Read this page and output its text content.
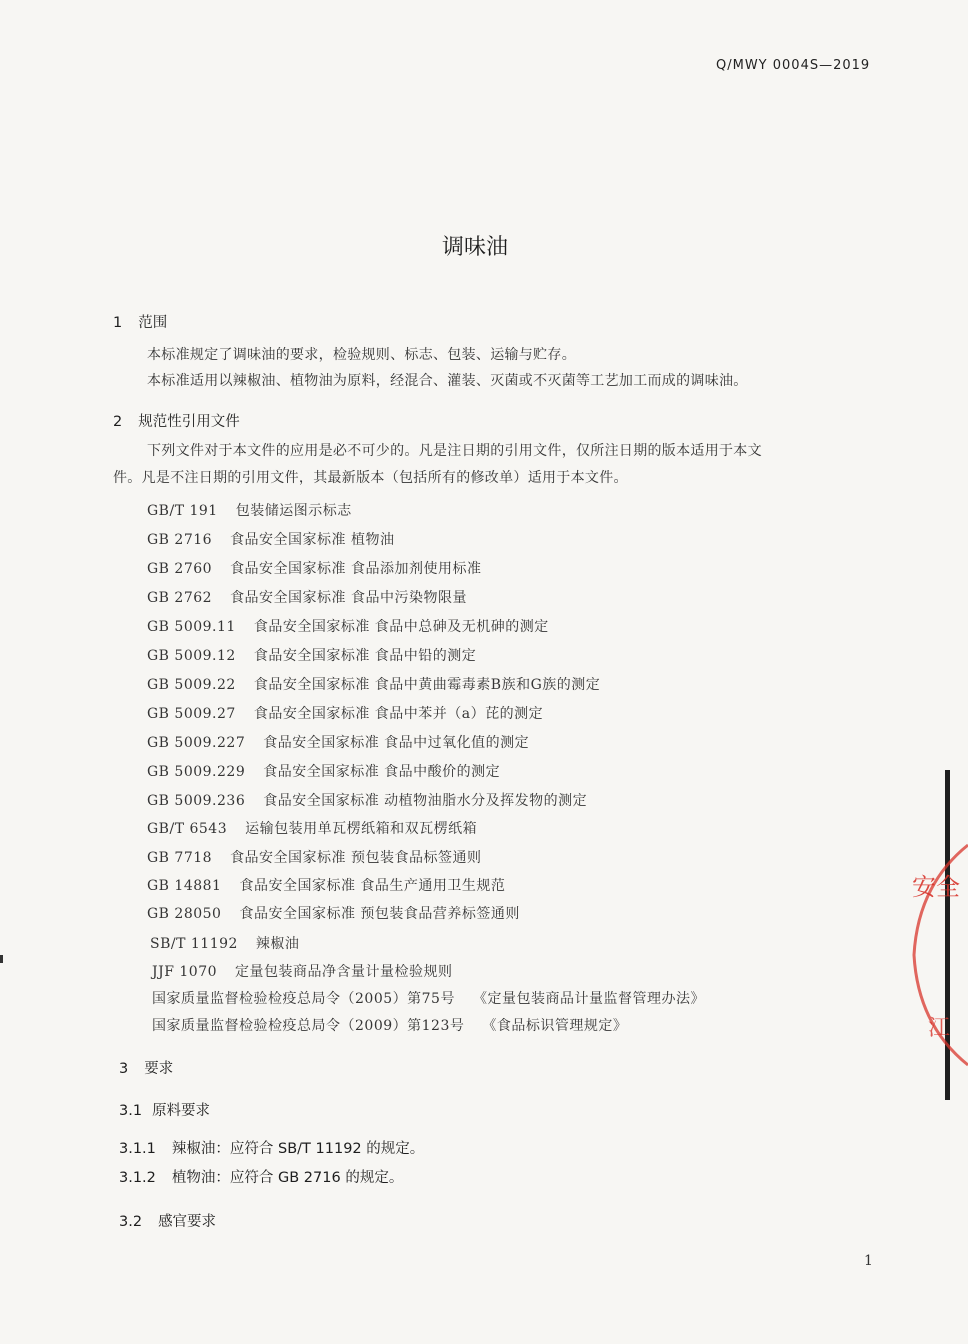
Q/MWY 0004S—2019
调味油
1 范围
本标准规定了调味油的要求，检验规则、标志、包装、运输与贮存。
本标准适用以辣椒油、植物油为原料，经混合、灌装、灭菌或不灭菌等工艺加工而成的调味油。
2 规范性引用文件
下列文件对于本文件的应用是必不可少的。凡是注日期的引用文件，仅所注日期的版本适用于本文
件。凡是不注日期的引用文件，其最新版本（包括所有的修改单）适用于本文件。
GB/T 191 包装储运图示标志
GB 2716 食品安全国家标准 植物油
GB 2760 食品安全国家标准 食品添加剂使用标准
GB 2762 食品安全国家标准 食品中污染物限量
GB 5009.11 食品安全国家标准 食品中总砷及无机砷的测定
GB 5009.12 食品安全国家标准 食品中铅的测定
GB 5009.22 食品安全国家标准 食品中黄曲霉毒素B族和G族的测定
GB 5009.27 食品安全国家标准 食品中苯并（a）芘的测定
GB 5009.227 食品安全国家标准 食品中过氧化值的测定
GB 5009.229 食品安全国家标准 食品中酸价的测定
GB 5009.236 食品安全国家标准 动植物油脂水分及挥发物的测定
GB/T 6543 运输包装用单瓦楞纸箱和双瓦楞纸箱
GB 7718 食品安全国家标准 预包装食品标签通则
GB 14881 食品安全国家标准 食品生产通用卫生规范
GB 28050 食品安全国家标准 预包装食品营养标签通则
SB/T 11192 辣椒油
JJF 1070 定量包装商品净含量计量检验规则
国家质量监督检验检疫总局令（2005）第75号 《定量包装商品计量监督管理办法》
国家质量监督检验检疫总局令（2009）第123号 《食品标识管理规定》
3 要求
3.1 原料要求
3.1.1 辣椒油：应符合 SB/T 11192 的规定。
3.1.2 植物油：应符合 GB 2716 的规定。
3.2 感官要求
1
安全
江
